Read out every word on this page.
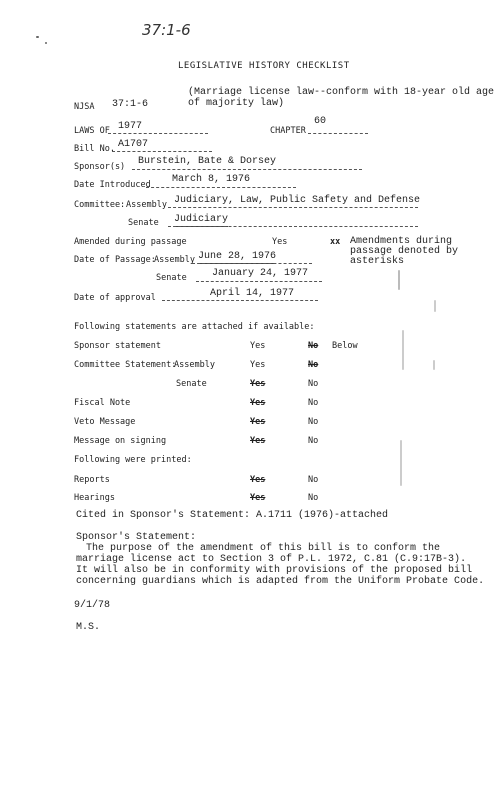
37:1-6
LEGISLATIVE HISTORY CHECKLIST
NJSA 37:1-6
(Marriage license law--conform with 18-year old age
of majority law)
LAWS OF 1977	CHAPTER
60
Bill No. A1707
Sponsor(s) Burstein, Bate & Dorsey
Date Introduced March 8, 1976
Committee: Assembly Judiciary, Law, Public Safety and Defense
Senate Judiciary
Amended during passage	Yes	xx Amendments during
passage denoted by
asterisks
Date of Passage:
Assembly June 28, 1976
Senate	January 24, 1977
Date of approval	April 14, 1977
Following statements are attached if available:
Sponsor statement	Yes	No Below
Committee Statement:
Assembly	Yes	No
Senate	Yes	No
Fiscal Note	Yes	No
Veto Message	Yes	No
Message on signing	Yes	No
Following were printed:
Reports	Yes	No
Hearings	Yes	No
Cited in Sponsor's Statement: A.1711 (1976)-attached
Sponsor's Statement:
The purpose of the amendment of this bill is to conform the
marriage license act to Section 3 of P.L. 1972, C.81 (C.9:17B-3).
It will also be in conformity with provisions of the proposed bill
concerning guardians which is adapted from the Uniform Probate Code.
9/1/78
M.S.
